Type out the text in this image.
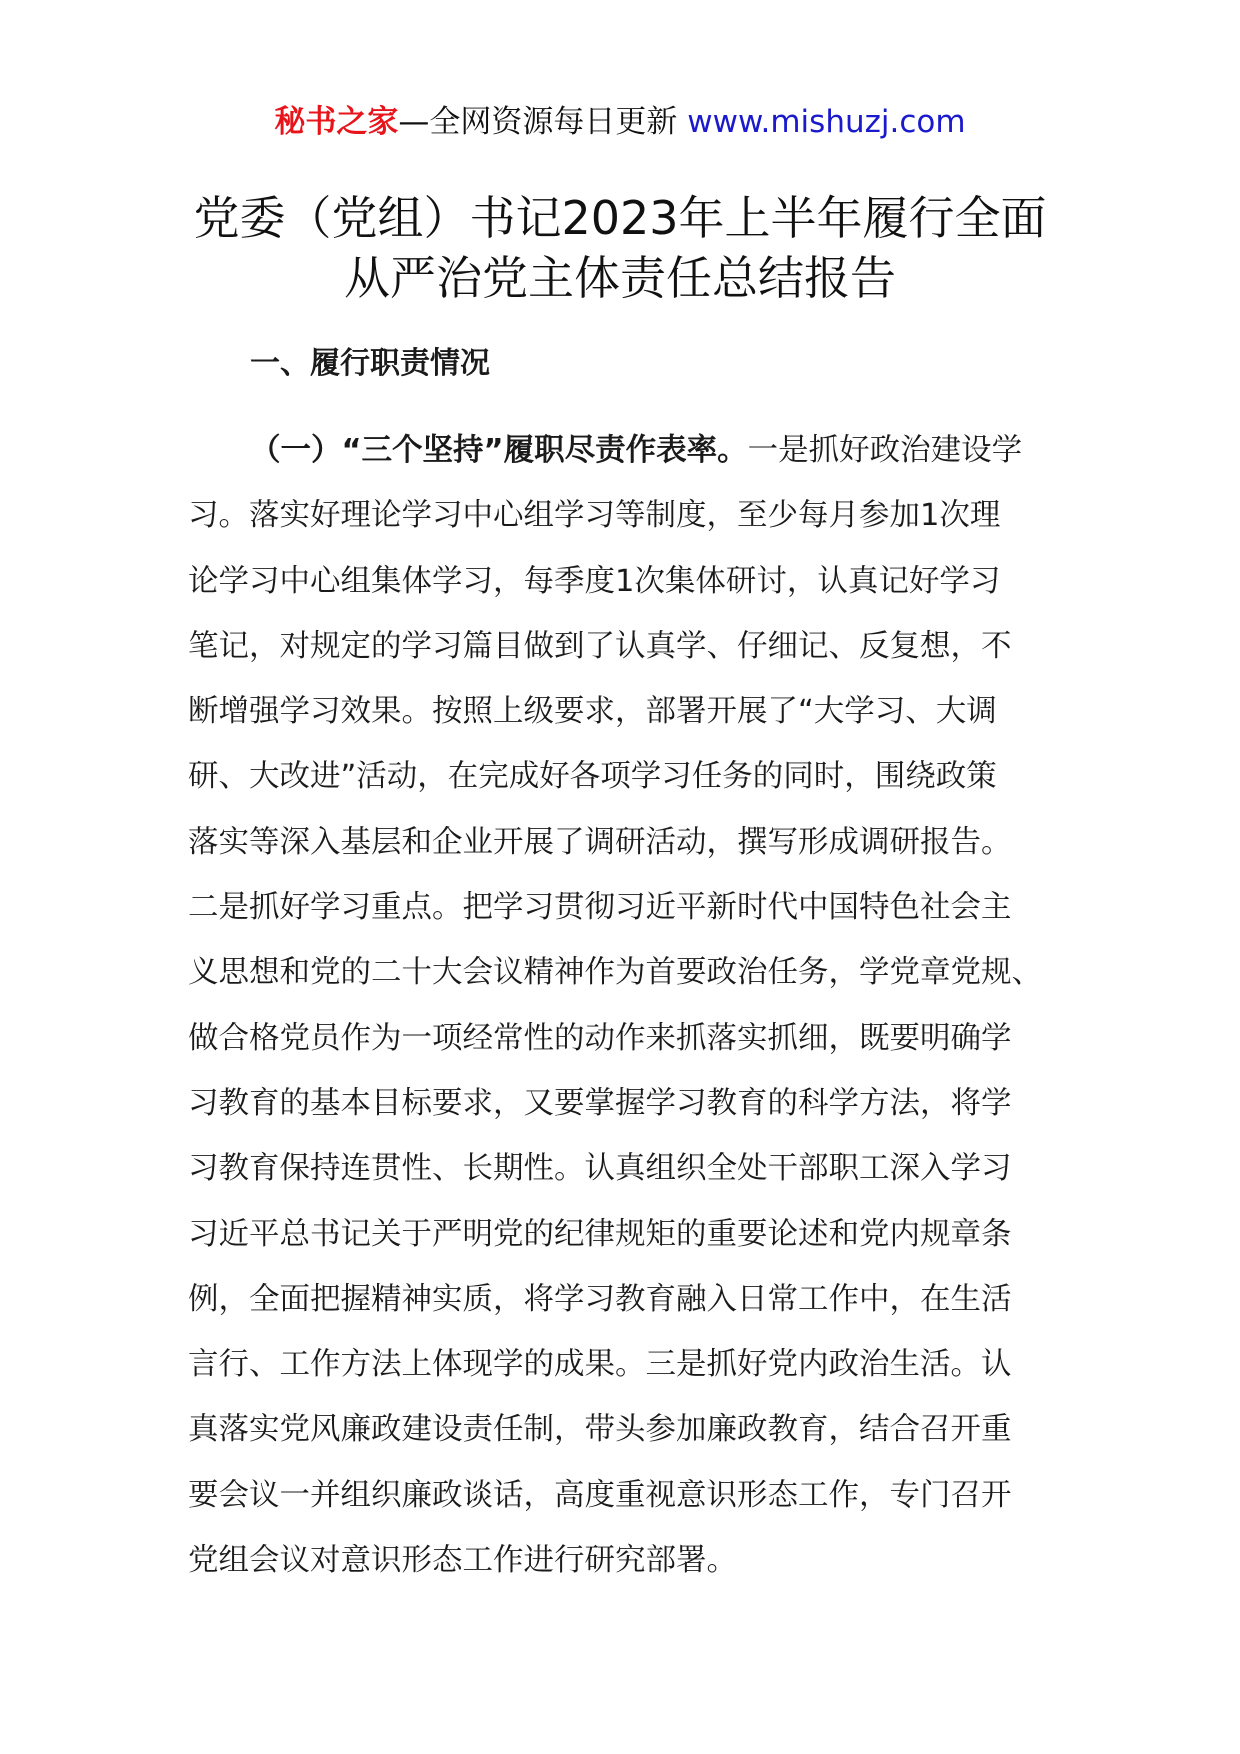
秘书之家—全网资源每日更新 www.mishuzj.com
党委（党组）书记2023年上半年履行全面
从严治党主体责任总结报告
一、履行职责情况
（一）“三个坚持”履职尽责作表率。一是抓好政治建设学
习。落实好理论学习中心组学习等制度，至少每月参加1次理
论学习中心组集体学习，每季度1次集体研讨，认真记好学习
笔记，对规定的学习篇目做到了认真学、仔细记、反复想，不
断增强学习效果。按照上级要求，部署开展了“大学习、大调
研、大改进”活动，在完成好各项学习任务的同时，围绕政策
落实等深入基层和企业开展了调研活动，撰写形成调研报告。
二是抓好学习重点。把学习贯彻习近平新时代中国特色社会主
义思想和党的二十大会议精神作为首要政治任务，学党章党规、
做合格党员作为一项经常性的动作来抓落实抓细，既要明确学
习教育的基本目标要求，又要掌握学习教育的科学方法，将学
习教育保持连贯性、长期性。认真组织全处干部职工深入学习
习近平总书记关于严明党的纪律规矩的重要论述和党内规章条
例，全面把握精神实质，将学习教育融入日常工作中，在生活
言行、工作方法上体现学的成果。三是抓好党内政治生活。认
真落实党风廉政建设责任制，带头参加廉政教育，结合召开重
要会议一并组织廉政谈话，高度重视意识形态工作，专门召开
党组会议对意识形态工作进行研究部署。
